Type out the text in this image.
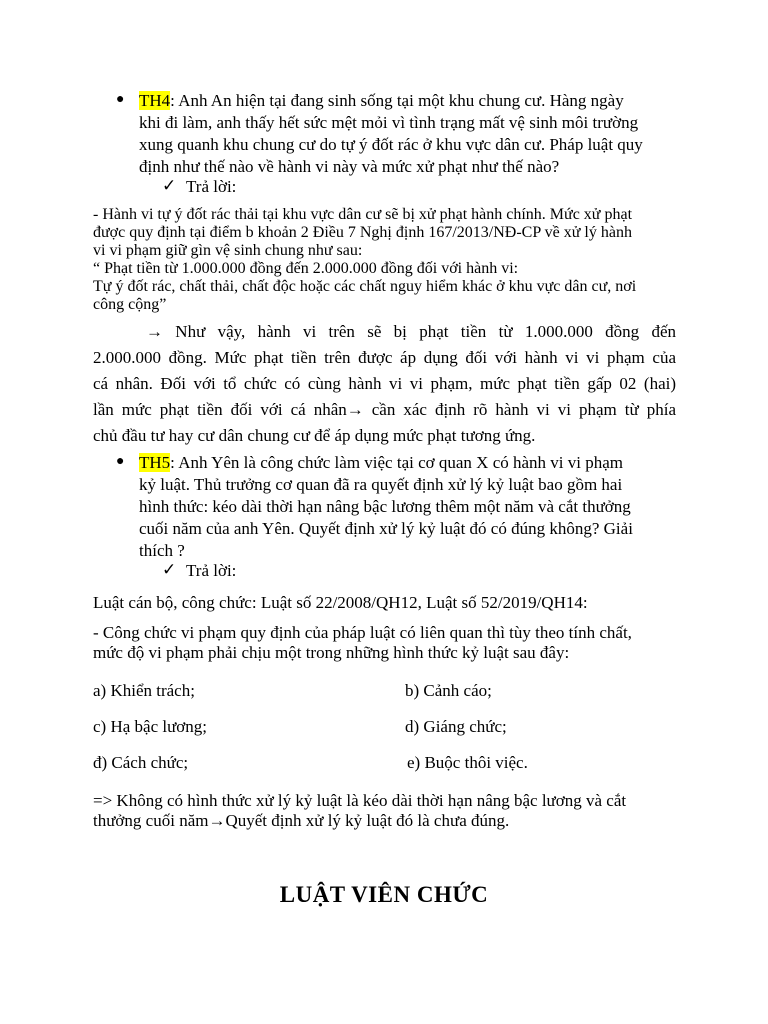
● TH4: Anh An hiện tại đang sinh sống tại một khu chung cư. Hàng ngày
khi đi làm, anh thấy hết sức mệt mỏi vì tình trạng mất vệ sinh môi trường
xung quanh khu chung cư do tự ý đốt rác ở khu vực dân cư. Pháp luật quy
định như thế nào về hành vi này và mức xử phạt như thế nào?
✓ Trả lời:
- Hành vi tự ý đốt rác thải tại khu vực dân cư sẽ bị xử phạt hành chính. Mức xử phạt
được quy định tại điểm b khoản 2 Điều 7 Nghị định 167/2013/NĐ-CP về xử lý hành
vi vi phạm giữ gìn vệ sinh chung như sau:
“ Phạt tiền từ 1.000.000 đồng đến 2.000.000 đồng đối với hành vi:
Tự ý đốt rác, chất thải, chất độc hoặc các chất nguy hiểm khác ở khu vực dân cư, nơi
công cộng”
→ Như vậy, hành vi trên sẽ bị phạt tiền từ 1.000.000 đồng đến
2.000.000 đồng. Mức phạt tiền trên được áp dụng đối với hành vi vi phạm của
cá nhân. Đối với tổ chức có cùng hành vi vi phạm, mức phạt tiền gấp 02 (hai)
lần mức phạt tiền đối với cá nhân→ cần xác định rõ hành vi vi phạm từ phía
chủ đầu tư hay cư dân chung cư để áp dụng mức phạt tương ứng.
● TH5: Anh Yên là công chức làm việc tại cơ quan X có hành vi vi phạm
kỷ luật. Thủ trưởng cơ quan đã ra quyết định xử lý kỷ luật bao gồm hai
hình thức: kéo dài thời hạn nâng bậc lương thêm một năm và cắt thưởng
cuối năm của anh Yên. Quyết định xử lý kỷ luật đó có đúng không? Giải
thích ?
✓ Trả lời:
Luật cán bộ, công chức: Luật số 22/2008/QH12, Luật số 52/2019/QH14:
- Công chức vi phạm quy định của pháp luật có liên quan thì tùy theo tính chất,
mức độ vi phạm phải chịu một trong những hình thức kỷ luật sau đây:
a) Khiển trách;	b) Cảnh cáo;
c) Hạ bậc lương;	d) Giáng chức;
đ) Cách chức;	e) Buộc thôi việc.
=> Không có hình thức xử lý kỷ luật là kéo dài thời hạn nâng bậc lương và cắt
thưởng cuối năm→Quyết định xử lý kỷ luật đó là chưa đúng.
LUẬT VIÊN CHỨC
